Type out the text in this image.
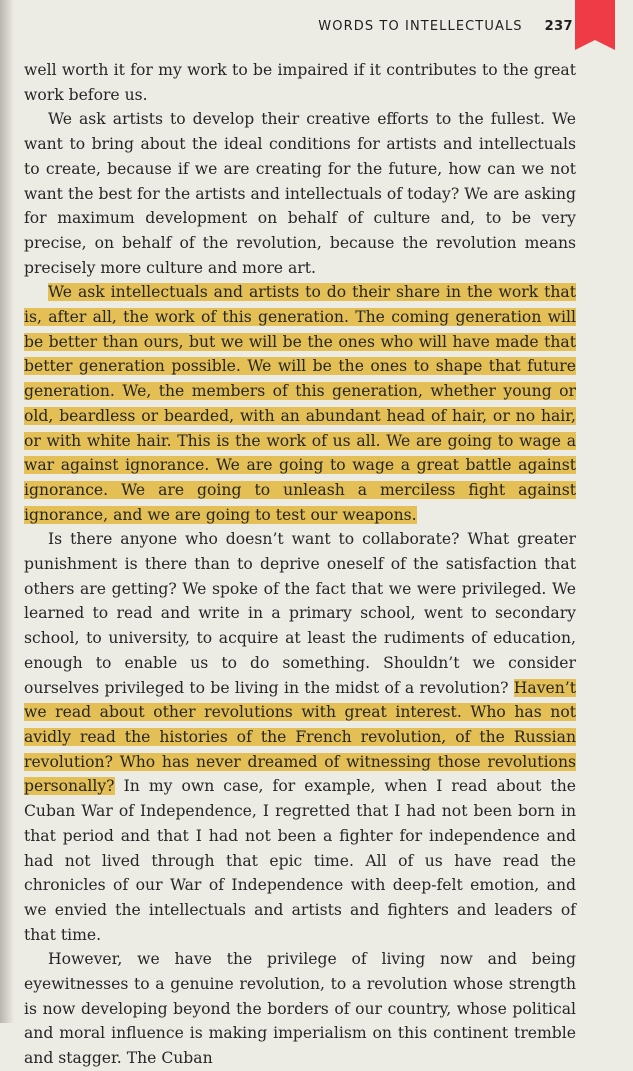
WORDS TO INTELLECTUALS 237

well worth it for my work to be impaired if it contributes to the great work before us.

We ask artists to develop their creative efforts to the fullest. We want to bring about the ideal conditions for artists and intellectuals to create, because if we are creating for the future, how can we not want the best for the artists and intellectuals of today? We are asking for maximum development on behalf of culture and, to be very precise, on behalf of the revolution, because the revolution means precisely more culture and more art.

We ask intellectuals and artists to do their share in the work that is, after all, the work of this generation. The coming generation will be better than ours, but we will be the ones who will have made that better generation possible. We will be the ones to shape that future generation. We, the members of this generation, whether young or old, beardless or bearded, with an abundant head of hair, or no hair, or with white hair. This is the work of us all. We are going to wage a war against ignorance. We are going to wage a great battle against ignorance. We are going to unleash a merciless fight against ignorance, and we are going to test our weapons.

Is there anyone who doesn’t want to collaborate? What greater punishment is there than to deprive oneself of the satisfaction that others are getting? We spoke of the fact that we were privileged. We learned to read and write in a primary school, went to secondary school, to university, to acquire at least the rudiments of education, enough to enable us to do something. Shouldn’t we consider ourselves privileged to be living in the midst of a revolution? Haven’t we read about other revolutions with great interest. Who has not avidly read the histories of the French revolution, of the Russian revolution? Who has never dreamed of witnessing those revolutions personally? In my own case, for example, when I read about the Cuban War of Independence, I regretted that I had not been born in that period and that I had not been a fighter for independence and had not lived through that epic time. All of us have read the chronicles of our War of Independence with deep-felt emotion, and we envied the intellectuals and artists and fighters and leaders of that time.

However, we have the privilege of living now and being eyewitnesses to a genuine revolution, to a revolution whose strength is now developing beyond the borders of our country, whose political and moral influence is making imperialism on this continent tremble and stagger. The Cuban
